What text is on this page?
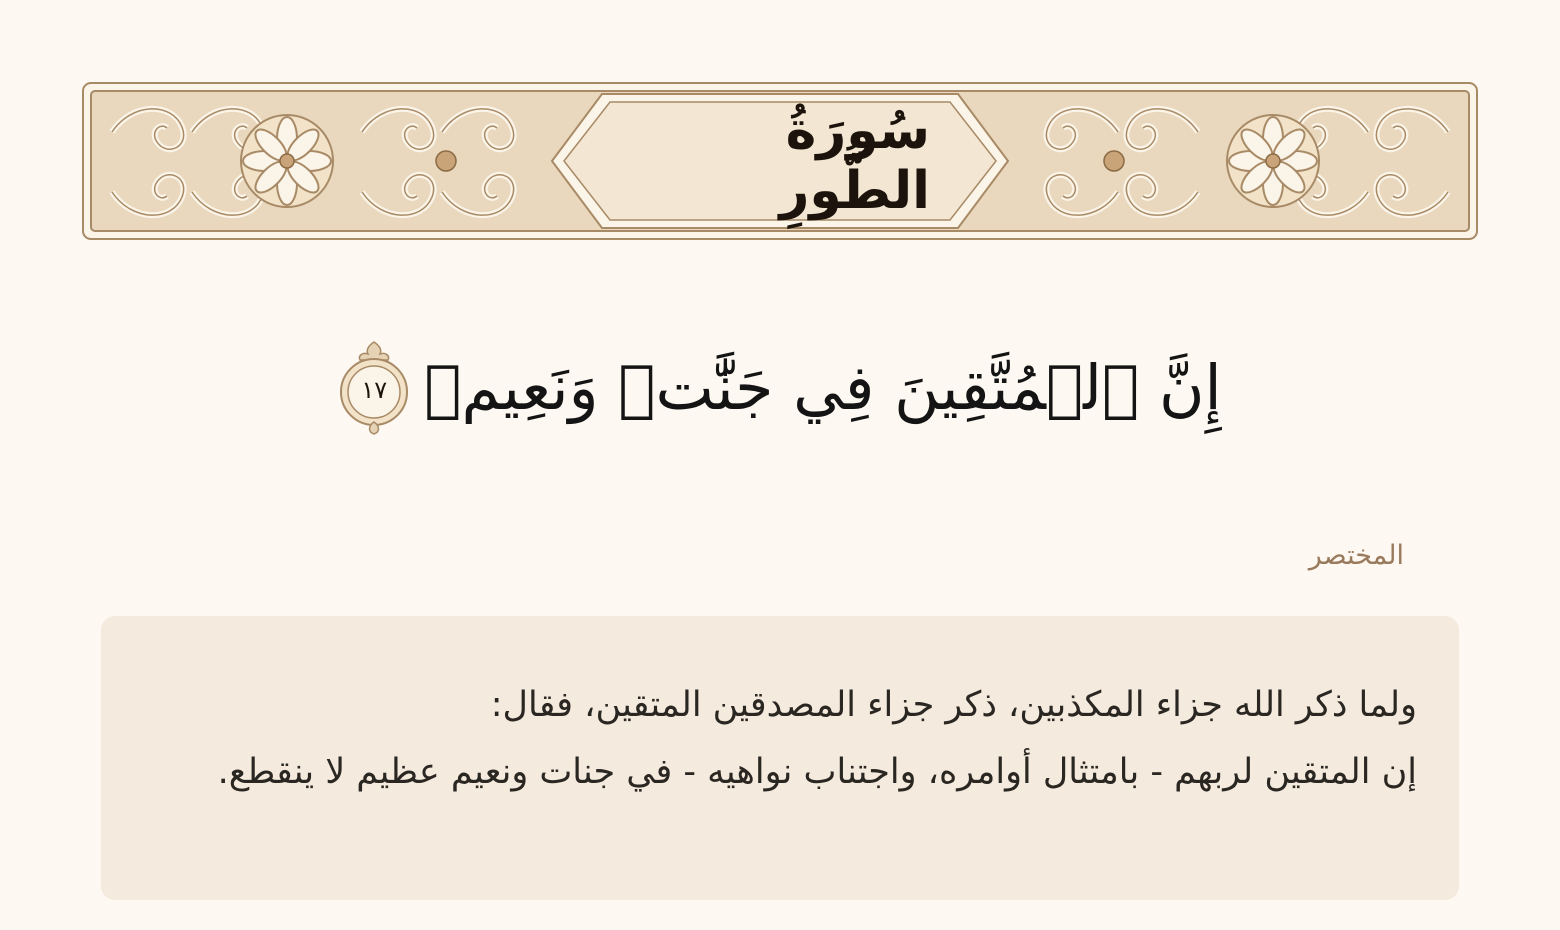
سُورَةُ الطُّورِ
إِنَّ ٱلۡمُتَّقِينَ فِي جَنَّٰتٖ وَنَعِيمٖ
١٧
المختصر

ولما ذكر الله جزاء المكذبين، ذكر جزاء المصدقين المتقين، فقال:

إن المتقين لربهم - بامتثال أوامره، واجتناب نواهيه - في جنات ونعيم عظيم لا ينقطع.
